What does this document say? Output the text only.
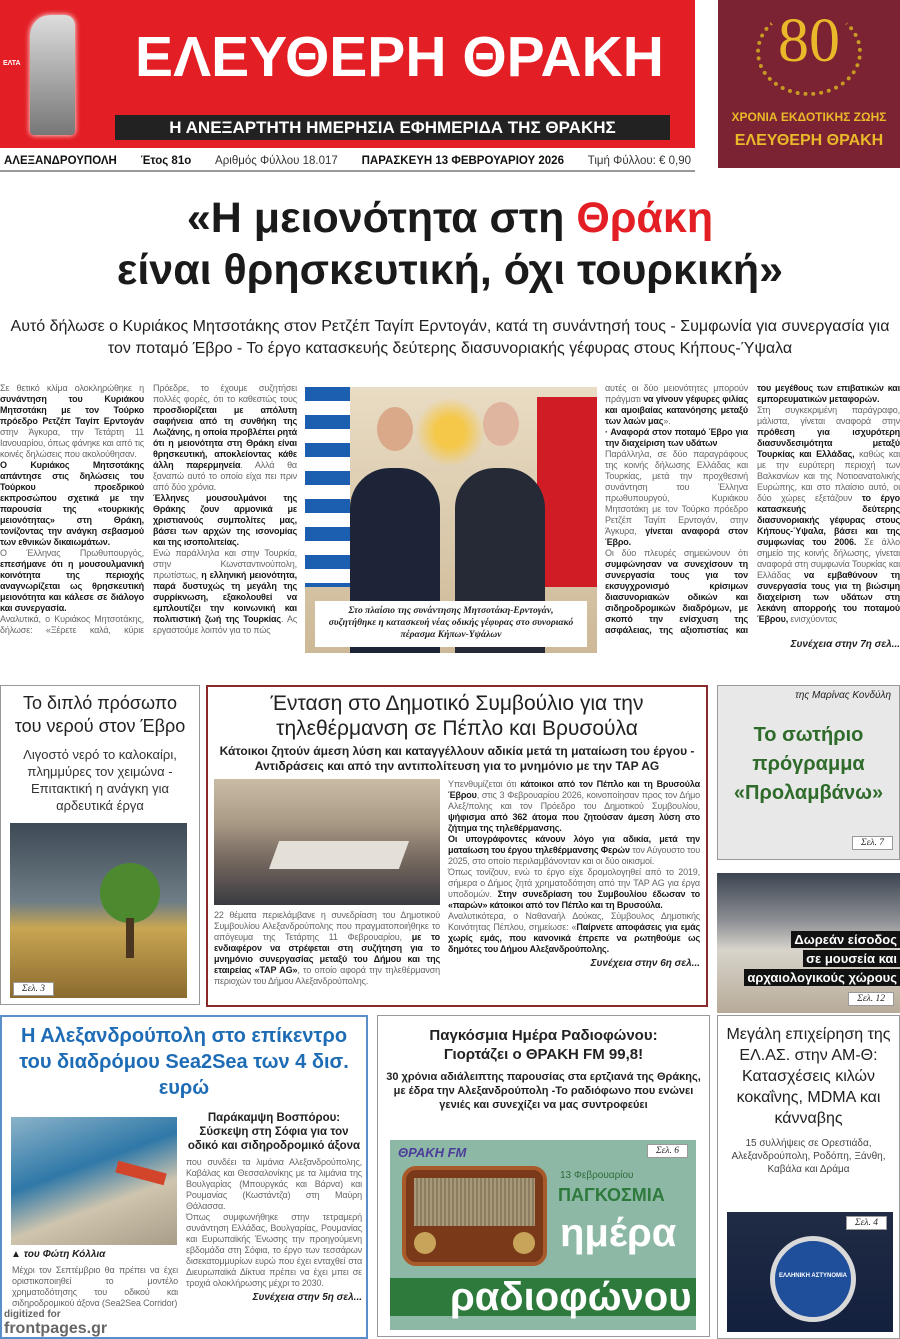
ΕΛΤΑ	ΕΛΕΥΘΕΡΗ ΘΡΑΚΗ
Η ΑΝΕΞΑΡΤΗΤΗ ΗΜΕΡΗΣΙΑ ΕΦΗΜΕΡΙΔΑ ΤΗΣ ΘΡΑΚΗΣ
80
ΧΡΟΝΙΑ ΕΚΔΟΤΙΚΗΣ ΖΩΗΣ
ΕΛΕΥΘΕΡΗ ΘΡΑΚΗ
ΑΛΕΞΑΝΔΡΟΥΠΟΛΗ Έτος 81ο Αριθμός Φύλλου 18.017 ΠΑΡΑΣΚΕΥΗ 13 ΦΕΒΡΟΥΑΡΙΟΥ 2026 Τιμή Φύλλου: € 0,90
«Η μειονότητα στη Θράκη
είναι θρησκευτική, όχι τουρκική»
Αυτό δήλωσε ο Κυριάκος Μητσοτάκης στον Ρετζέπ Ταγίπ Ερντογάν, κατά τη συνάντησή τους - Συμφωνία για συνεργασία για τον ποταμό Έβρο - Το έργο κατασκευής δεύτερης διασυνοριακής γέφυρας στους Κήπους-Ύψαλα

Σε θετικό κλίμα ολοκληρώθηκε η συνάντηση του Κυριάκου Μητσοτάκη με τον Τούρκο πρόεδρο Ρετζέπ Ταγίπ Ερντογάν στην Άγκυρα, την Τετάρτη 11 Ιανουαρίου, όπως φάνηκε και από τις κοινές δηλώσεις που ακολούθησαν.

Ο Κυριάκος Μητσοτάκης απάντησε στις δηλώσεις του Τούρκου προεδρικού εκπροσώπου σχετικά με την παρουσία της «τουρκικής μειονότητας» στη Θράκη, τονίζοντας την ανάγκη σεβασμού των εθνικών δικαιωμάτων.

Ο Έλληνας Πρωθυπουργός, επεσήμανε ότι η μουσουλμανική κοινότητα της περιοχής αναγνωρίζεται ως θρησκευτική μειονότητα και κάλεσε σε διάλογο και συνεργασία.

Αναλυτικά, ο Κυριάκος Μητσοτάκης, δήλωσε: «Ξέρετε καλά, κύριε Πρόεδρε, το έχουμε συζητήσει πολλές φορές, ότι το καθεστώς τους προσδιορίζεται με απόλυτη σαφήνεια από τη συνθήκη της Λωζάνης, η οποία προβλέπει ρητά ότι η μειονότητα στη Θράκη είναι θρησκευτική, αποκλείοντας κάθε άλλη παρερμηνεία. Αλλά θα ξαναπώ αυτό το οποίο είχα πει πριν από δύο χρόνια.

Έλληνες μουσουλμάνοι της Θράκης ζουν αρμονικά με χριστιανούς συμπολίτες μας, βάσει των αρχών της ισονομίας και της ισοπολιτείας.

Ενώ παράλληλα και στην Τουρκία, στην Κωνσταντινούπολη, πρωτίστως, η ελληνική μειονότητα, παρά δυστυχώς τη μεγάλη της συρρίκνωση, εξακολουθεί να εμπλουτίζει την κοινωνική και πολιτιστική ζωή της Τουρκίας. Ας εργαστούμε λοιπόν για το πώς

Στο πλαίσιο της συνάντησης Μητσοτάκη-Ερντογάν, συζητήθηκε η κατασκευή νέας οδικής γέφυρας στο συνοριακό πέρασμα Κήπων-Υψάλων

αυτές οι δύο μειονότητες μπορούν πράγματι να γίνουν γέφυρες φιλίας και αμοιβαίας κατανόησης μεταξύ των λαών μας».

· Αναφορά στον ποταμό Έβρο για την διαχείριση των υδάτων

Παράλληλα, σε δύο παραγράφους της κοινής δήλωσης Ελλάδας και Τουρκίας, μετά την προχθεσινή συνάντηση του Έλληνα πρωθυπουργού, Κυριάκου Μητσοτάκη με τον Τούρκο πρόεδρο Ρετζέπ Ταγίπ Ερντογάν, στην Άγκυρα, γίνεται αναφορά στον Έβρο.

Οι δύο πλευρές σημειώνουν ότι συμφώνησαν να συνεχίσουν τη συνεργασία τους για τον εκσυγχρονισμό κρίσιμων διασυνοριακών οδικών και σιδηροδρομικών διαδρόμων, με σκοπό την ενίσχυση της ασφάλειας, της αξιοπιστίας και του μεγέθους των επιβατικών και εμπορευματικών μεταφορών.

Στη συγκεκριμένη παράγραφο, μάλιστα, γίνεται αναφορά στην πρόθεση για ισχυρότερη διασυνδεσιμότητα μεταξύ Τουρκίας και Ελλάδας, καθώς και με την ευρύτερη περιοχή των Βαλκανίων και της Νοτιοανατολικής Ευρώπης, και στο πλαίσιο αυτό, οι δύο χώρες εξετάζουν το έργο κατασκευής δεύτερης διασυνοριακής γέφυρας στους Κήπους-Ύψαλα, βάσει και της συμφωνίας του 2006. Σε άλλο σημείο της κοινής δήλωσης, γίνεται αναφορά στη συμφωνία Τουρκίας και Ελλάδας να εμβαθύνουν τη συνεργασία τους για τη βιώσιμη διαχείριση των υδάτων στη λεκάνη απορροής του ποταμού Έβρου, ενισχύοντας

Συνέχεια στην 7η σελ...
Το διπλό πρόσωπο του νερού στον Έβρο
Λιγοστό νερό το καλοκαίρι, πλημμύρες τον χειμώνα - Επιτακτική η ανάγκη για αρδευτικά έργα
Σελ. 3
Ένταση στο Δημοτικό Συμβούλιο για την τηλεθέρμανση σε Πέπλο και Βρυσούλα
Κάτοικοι ζητούν άμεση λύση και καταγγέλλουν αδικία μετά τη ματαίωση του έργου - Αντιδράσεις και από την αντιπολίτευση για το μνημόνιο με την TAP AG

22 θέματα περιελάμβανε η συνεδρίαση του Δημοτικού Συμβουλίου Αλεξανδρούπολης που πραγματοποιήθηκε το απόγευμα της Τετάρτης 11 Φεβρουαρίου, με το ενδιαφέρον να στρέφεται στη συζήτηση για το μνημόνιο συνεργασίας μεταξύ του Δήμου και της εταιρείας «TAP AG», το οποίο αφορά την τηλεθέρμανση περιοχών του Δήμου Αλεξανδρούπολης.

Υπενθυμίζεται ότι κάτοικοι από τον Πέπλο και τη Βρυσούλα Έβρου, στις 3 Φεβρουαρίου 2026, κοινοποίησαν προς τον Δήμο Αλεξ/πολης και τον Πρόεδρο του Δημοτικού Συμβουλίου, ψήφισμα από 362 άτομα που ζητούσαν άμεση λύση στο ζήτημα της τηλεθέρμανσης.

Οι υπογράφοντες κάνουν λόγο για αδικία, μετά την ματαίωση του έργου τηλεθέρμανσης Φερών τον Αύγουστο του 2025, στο οποίο περιλαμβάνονταν και οι δύο οικισμοί.

Όπως τονίζουν, ενώ το έργο είχε δρομολογηθεί από το 2019, σήμερα ο Δήμος ζητά χρηματοδότηση από την TAP AG για έργα υποδομών. Στην συνεδρίαση του Συμβουλίου έδωσαν το «παρών» κάτοικοι από τον Πέπλο και τη Βρυσούλα.

Αναλυτικότερα, ο Ναθαναήλ Δούκας, Σύμβουλος Δημοτικής Κοινότητας Πέπλου, σημείωσε: «Παίρνετε αποφάσεις για εμάς χωρίς εμάς, που κανονικά έπρεπε να ρωτηθούμε ως δημότες του Δήμου Αλεξανδρούπολης.

Συνέχεια στην 6η σελ...
της Μαρίνας Κονδύλη
Το σωτήριο πρόγραμμα «Προλαμβάνω»
Σελ. 7
Δωρεάν είσοδος
σε μουσεία και
αρχαιολογικούς χώρους
Σελ. 12
Η Αλεξανδρούπολη στο επίκεντρο του διαδρόμου Sea2Sea των 4 δισ. ευρώ
▲ του Φώτη Κόλλια

Μέχρι τον Σεπτέμβριο θα πρέπει να έχει οριστικοποιηθεί το μοντέλο χρηματοδότησης του οδικού και σιδηροδρομικού άξονα (Sea2Sea Corridor)

Παράκαμψη Βοσπόρου: Σύσκεψη στη Σόφια για τον οδικό και σιδηροδρομικό άξονα

που συνδέει τα λιμάνια Αλεξανδρούπολης, Καβάλας και Θεσσαλονίκης με τα λιμάνια της Βουλγαρίας (Μπουργκάς και Βάρνα) και Ρουμανίας (Κωστάντζα) στη Μαύρη Θάλασσα.

Όπως συμφωνήθηκε στην τετραμερή συνάντηση Ελλάδας, Βουλγαρίας, Ρουμανίας και Ευρωπαϊκής Ένωσης την προηγούμενη εβδομάδα στη Σόφια, το έργο των τεσσάρων δισεκατομμυρίων ευρώ που έχει ενταχθεί στα Διευρωπαϊκά Δίκτυα πρέπει να έχει μπει σε τροχιά ολοκλήρωσης μέχρι το 2030.

Συνέχεια στην 5η σελ...
Παγκόσμια Ημέρα Ραδιοφώνου: Γιορτάζει ο ΘΡΑΚΗ FM 99,8!
30 χρόνια αδιάλειπτης παρουσίας στα ερτζιανά της Θράκης, με έδρα την Αλεξανδρούπολη -Το ραδιόφωνο που ενώνει γενιές και συνεχίζει να μας συντροφεύει
ΘΡΑΚΗ FM
13 Φεβρουαρίου
ΠΑΓΚΟΣΜΙΑ
ημέρα
ραδιοφώνου
Σελ. 6
Μεγάλη επιχείρηση της ΕΛ.ΑΣ. στην ΑΜ-Θ: Κατασχέσεις κιλών κοκαΐνης, MDMA και κάνναβης
15 συλλήψεις σε Ορεστιάδα, Αλεξανδρούπολη, Ροδόπη, Ξάνθη, Καβάλα και Δράμα
ΕΛΛΗΝΙΚΗ ΑΣΤΥΝΟΜΙΑ
Σελ. 4
digitized for
frontpages.gr
